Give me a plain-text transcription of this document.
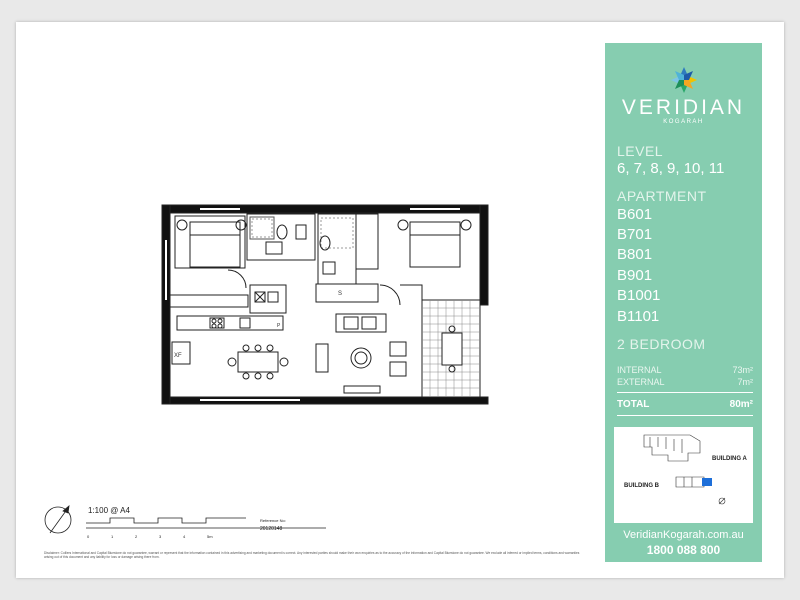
S
P
XF
1:100 @ A4
0	1	2	3	4	5m
Reference No:
20120148
Disclaimer: Colliers International and Capital Bluestone do not guarantee, warrant or represent that the information contained in this advertising and marketing document is correct. Any interested parties should make their own enquiries as to the accuracy of the information and Capital Bluestone do not guarantee. We exclude all inferred or implied terms, conditions and warranties arising out of this document and any liability for loss or damage arising there from.
VERIDIAN
KOGARAH
LEVEL
6, 7, 8, 9, 10, 11
APARTMENT
B601
B701
B801
B901
B1001
B1101
2 BEDROOM
INTERNAL	73m²
EXTERNAL	7m²
TOTAL	80m²
BUILDING A
BUILDING B
VeridianKogarah.com.au
1800 088 800
